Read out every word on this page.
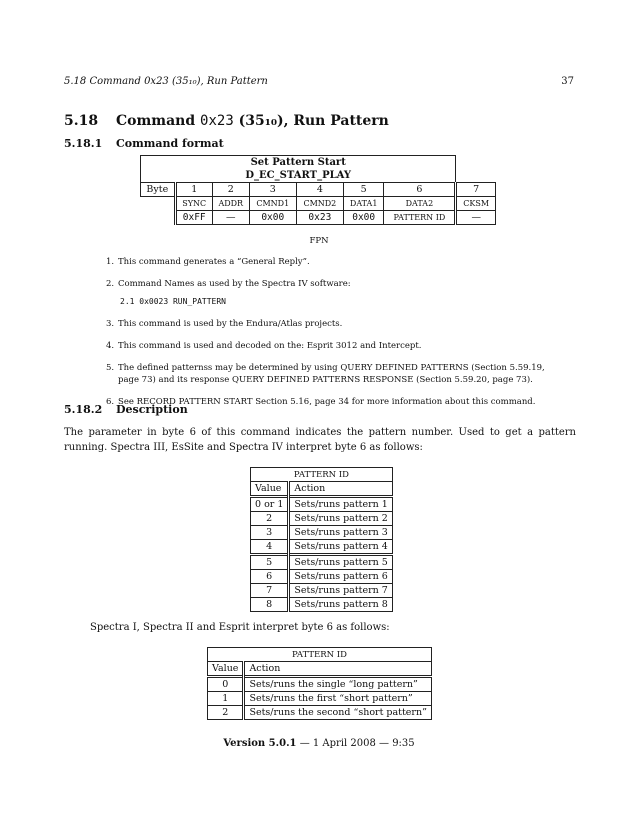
5.18 Command 0x23 (35₁₀), Run Pattern	37
5.18 Command 0x23 (35₁₀), Run Pattern
5.18.1 Command format
Set Pattern Start							
D_EC_START_PLAY							
Byte	1	2	3	4	5	6	7
	SYNC	ADDR	CMND1	CMND2	DATA1	DATA2	CKSM
	0xFF	—	0x00	0x23	0x00	PATTERN ID	—
FPN
1. This command generates a “General Reply”.
2. Command Names as used by the Spectra IV software:
2.1 0x0023 RUN_PATTERN
3. This command is used by the Endura/Atlas projects.
4. This command is used and decoded on the: Esprit 3012 and Intercept.
5. The defined patternss may be determined by using QUERY DEFINED PATTERNS (Section 5.59.19, page 73) and its response QUERY DEFINED PATTERNS RESPONSE (Section 5.59.20, page 73).
6. See RECORD PATTERN START Section 5.16, page 34 for more information about this command.
5.18.2 Description
The parameter in byte 6 of this command indicates the pattern number. Used to get a pattern running. Spectra III, EsSite and Spectra IV interpret byte 6 as follows:
PATTERN ID	
Value	Action
0 or 1	Sets/runs pattern 1
2	Sets/runs pattern 2
3	Sets/runs pattern 3
4	Sets/runs pattern 4
5	Sets/runs pattern 5
6	Sets/runs pattern 6
7	Sets/runs pattern 7
8	Sets/runs pattern 8
Spectra I, Spectra II and Esprit interpret byte 6 as follows:
PATTERN ID	
Value	Action
0	Sets/runs the single “long pattern”
1	Sets/runs the first “short pattern”
2	Sets/runs the second “short pattern”
Version 5.0.1 — 1 April 2008 — 9:35
